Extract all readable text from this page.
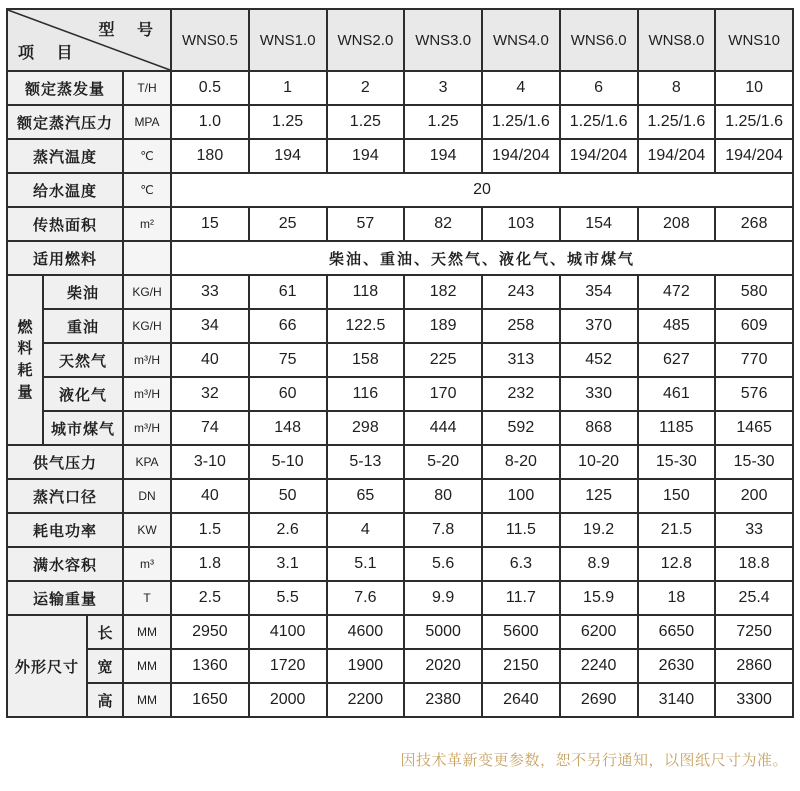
型 号
项 目				WNS0.5	WNS1.0	WNS2.0	WNS3.0	WNS4.0	WNS6.0	WNS8.0	WNS10
额定蒸发量			T/H	0.5	1	2	3	4	6	8	10
额定蒸汽压力			MPA	1.0	1.25	1.25	1.25	1.25/1.6	1.25/1.6	1.25/1.6	1.25/1.6
蒸汽温度			℃	180	194	194	194	194/204	194/204	194/204	194/204
给水温度			℃	20							
传热面积			m²	15	25	57	82	103	154	208	268
适用燃料				柴油、重油、天然气、液化气、城市煤气							
燃
料
耗
量	柴油		KG/H	33	61	118	182	243	354	472	580
	重油		KG/H	34	66	122.5	189	258	370	485	609
	天然气		m³/H	40	75	158	225	313	452	627	770
	液化气		m³/H	32	60	116	170	232	330	461	576
	城市煤气		m³/H	74	148	298	444	592	868	1185	1465
供气压力			KPA	3-10	5-10	5-13	5-20	8-20	10-20	15-30	15-30
蒸汽口径			DN	40	50	65	80	100	125	150	200
耗电功率			KW	1.5	2.6	4	7.8	11.5	19.2	21.5	33
满水容积			m³	1.8	3.1	5.1	5.6	6.3	8.9	12.8	18.8
运输重量			T	2.5	5.5	7.6	9.9	11.7	15.9	18	25.4
外形尺寸		长	MM	2950	4100	4600	5000	5600	6200	6650	7250
		宽	MM	1360	1720	1900	2020	2150	2240	2630	2860
		高	MM	1650	2000	2200	2380	2640	2690	3140	3300
因技术革新变更参数，恕不另行通知，以图纸尺寸为准。
